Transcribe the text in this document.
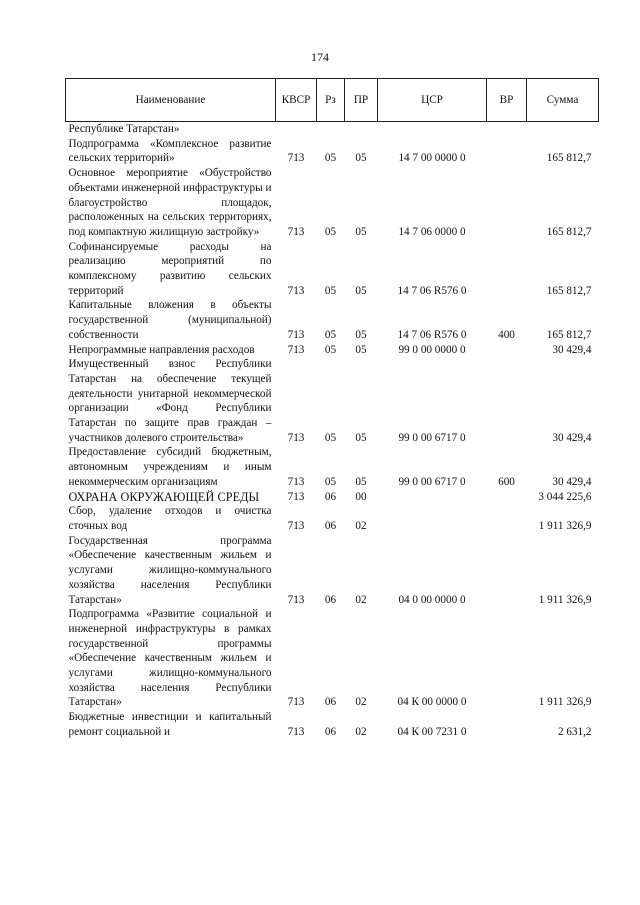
174
Наименование	КВСР	Рз	ПР	ЦСР	ВР	Сумма
Республике Татарстан»						
Подпрограмма «Комплексное развитие сельских территорий»	713	05	05	14 7 00 0000 0		165 812,7
Основное мероприятие «Обустройство объектами инженерной инфраструктуры и благоустройство площадок, расположенных на сельских территориях, под компактную жилищную застройку»	713	05	05	14 7 06 0000 0		165 812,7
Софинансируемые расходы на реализацию мероприятий по комплексному развитию сельских территорий	713	05	05	14 7 06 R576 0		165 812,7
Капитальные вложения в объекты государственной (муниципальной) собственности	713	05	05	14 7 06 R576 0	400	165 812,7
Непрограммные направления расходов	713	05	05	99 0 00 0000 0		30 429,4
Имущественный взнос Республики Татарстан на обеспечение текущей деятельности унитарной некоммерческой организации «Фонд Республики Татарстан по защите прав граждан – участников долевого строительства»	713	05	05	99 0 00 6717 0		30 429,4
Предоставление субсидий бюджетным, автономным учреждениям и иным некоммерческим организациям	713	05	05	99 0 00 6717 0	600	30 429,4
ОХРАНА ОКРУЖАЮЩЕЙ СРЕДЫ	713	06	00			3 044 225,6
Сбор, удаление отходов и очистка сточных вод	713	06	02			1 911 326,9
Государственная программа «Обеспечение качественным жильем и услугами жилищно-коммунального хозяйства населения Республики Татарстан»	713	06	02	04 0 00 0000 0		1 911 326,9
Подпрограмма «Развитие социальной и инженерной инфраструктуры в рамках государственной программы «Обеспечение качественным жильем и услугами жилищно-коммунального хозяйства населения Республики Татарстан»	713	06	02	04 К 00 0000 0		1 911 326,9
Бюджетные инвестиции и капитальный ремонт социальной и	713	06	02	04 К 00 7231 0		2 631,2
